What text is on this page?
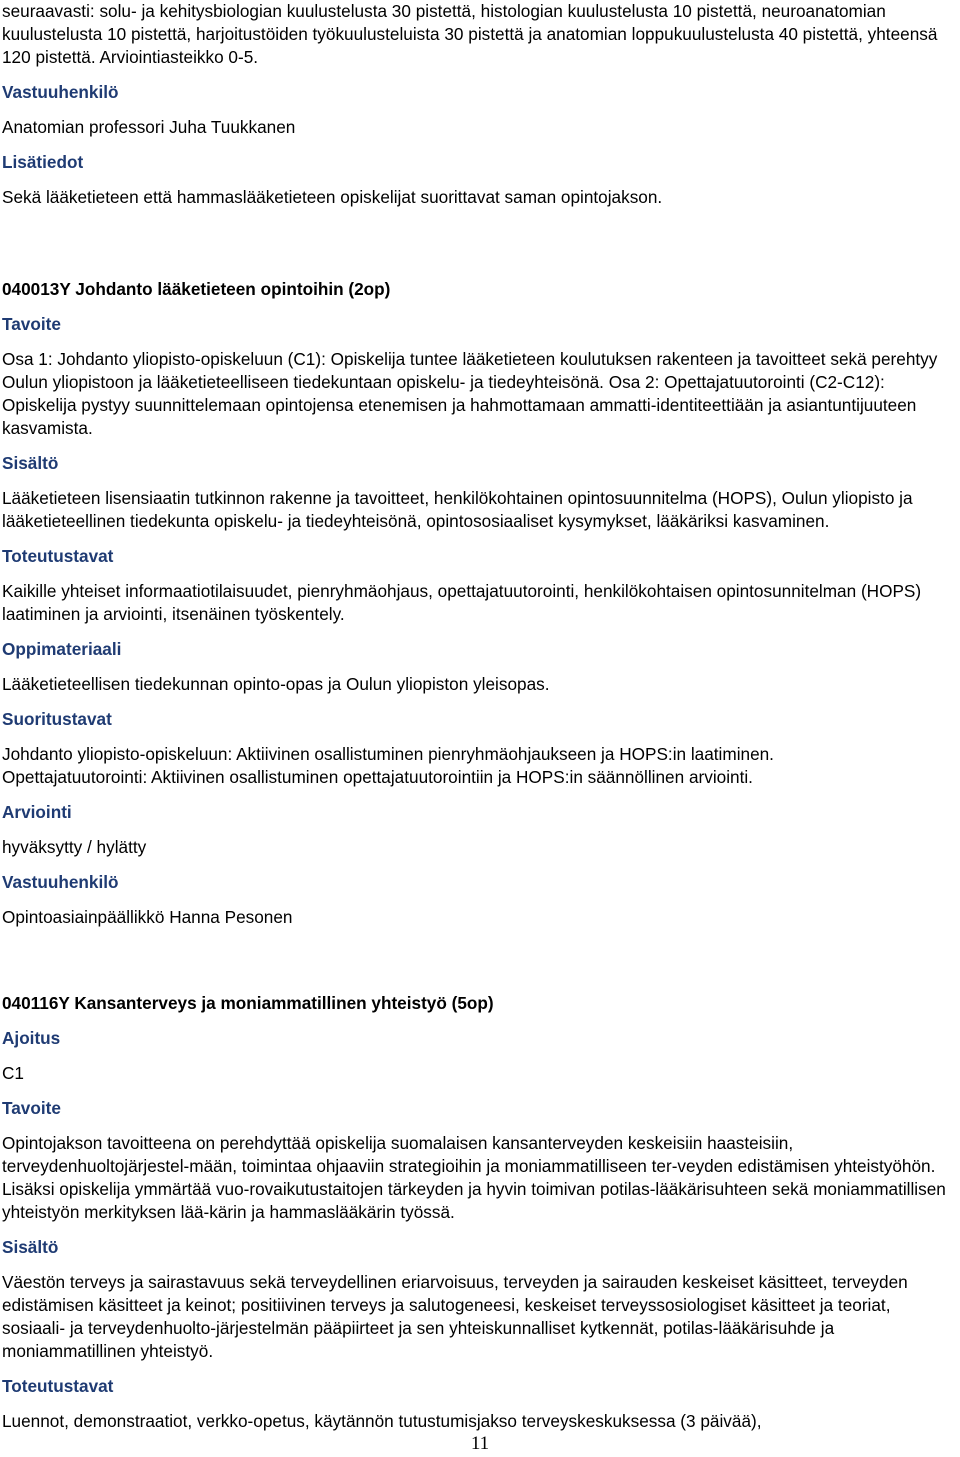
seuraavasti: solu- ja kehitysbiologian kuulustelusta 30 pistettä, histologian kuulustelusta 10 pistettä, neuroanatomian kuulustelusta 10 pistettä, harjoitustöiden työkuulusteluista 30 pistettä ja anatomian loppukuulustelusta 40 pistettä, yhteensä 120 pistettä. Arviointiasteikko 0-5.

Vastuuhenkilö

Anatomian professori Juha Tuukkanen

Lisätiedot

Sekä lääketieteen että hammaslääketieteen opiskelijat suorittavat saman opintojakson.

040013Y Johdanto lääketieteen opintoihin (2op)

Tavoite

Osa 1: Johdanto yliopisto-opiskeluun (C1): Opiskelija tuntee lääketieteen koulutuksen rakenteen ja tavoitteet sekä perehtyy Oulun yliopistoon ja lääketieteelliseen tiedekuntaan opiskelu- ja tiedeyhteisönä. Osa 2: Opettajatuutorointi (C2-C12): Opiskelija pystyy suunnittelemaan opintojensa etenemisen ja hahmottamaan ammatti-identiteettiään ja asiantuntijuuteen kasvamista.

Sisältö

Lääketieteen lisensiaatin tutkinnon rakenne ja tavoitteet, henkilökohtainen opintosuunnitelma (HOPS), Oulun yliopisto ja lääketieteellinen tiedekunta opiskelu- ja tiedeyhteisönä, opintososiaaliset kysymykset, lääkäriksi kasvaminen.

Toteutustavat

Kaikille yhteiset informaatiotilaisuudet, pienryhmäohjaus, opettajatuutorointi, henkilökohtaisen opintosunnitelman (HOPS) laatiminen ja arviointi, itsenäinen työskentely.

Oppimateriaali

Lääketieteellisen tiedekunnan opinto-opas ja Oulun yliopiston yleisopas.

Suoritustavat

Johdanto yliopisto-opiskeluun: Aktiivinen osallistuminen pienryhmäohjaukseen ja HOPS:in laatiminen.

Opettajatuutorointi: Aktiivinen osallistuminen opettajatuutorointiin ja HOPS:in säännöllinen arviointi.

Arviointi

hyväksytty / hylätty

Vastuuhenkilö

Opintoasiainpäällikkö Hanna Pesonen

040116Y Kansanterveys ja moniammatillinen yhteistyö (5op)

Ajoitus

C1

Tavoite

Opintojakson tavoitteena on perehdyttää opiskelija suomalaisen kansanterveyden keskeisiin haasteisiin, terveydenhuoltojärjestel-mään, toimintaa ohjaaviin strategioihin ja moniammatilliseen ter-veyden edistämisen yhteistyöhön. Lisäksi opiskelija ymmärtää vuo-rovaikutustaitojen tärkeyden ja hyvin toimivan potilas-lääkärisuhteen sekä moniammatillisen yhteistyön merkityksen lää-kärin ja hammaslääkärin työssä.

Sisältö

Väestön terveys ja sairastavuus sekä terveydellinen eriarvoisuus, terveyden ja sairauden keskeiset käsitteet, terveyden edistämisen käsitteet ja keinot; positiivinen terveys ja salutogeneesi, keskeiset terveyssosiologiset käsitteet ja teoriat, sosiaali- ja terveydenhuolto-järjestelmän pääpiirteet ja sen yhteiskunnalliset kytkennät, potilas-lääkärisuhde ja moniammatillinen yhteistyö.

Toteutustavat

Luennot, demonstraatiot, verkko-opetus, käytännön tutustumisjakso terveyskeskuksessa (3 päivää),

11
